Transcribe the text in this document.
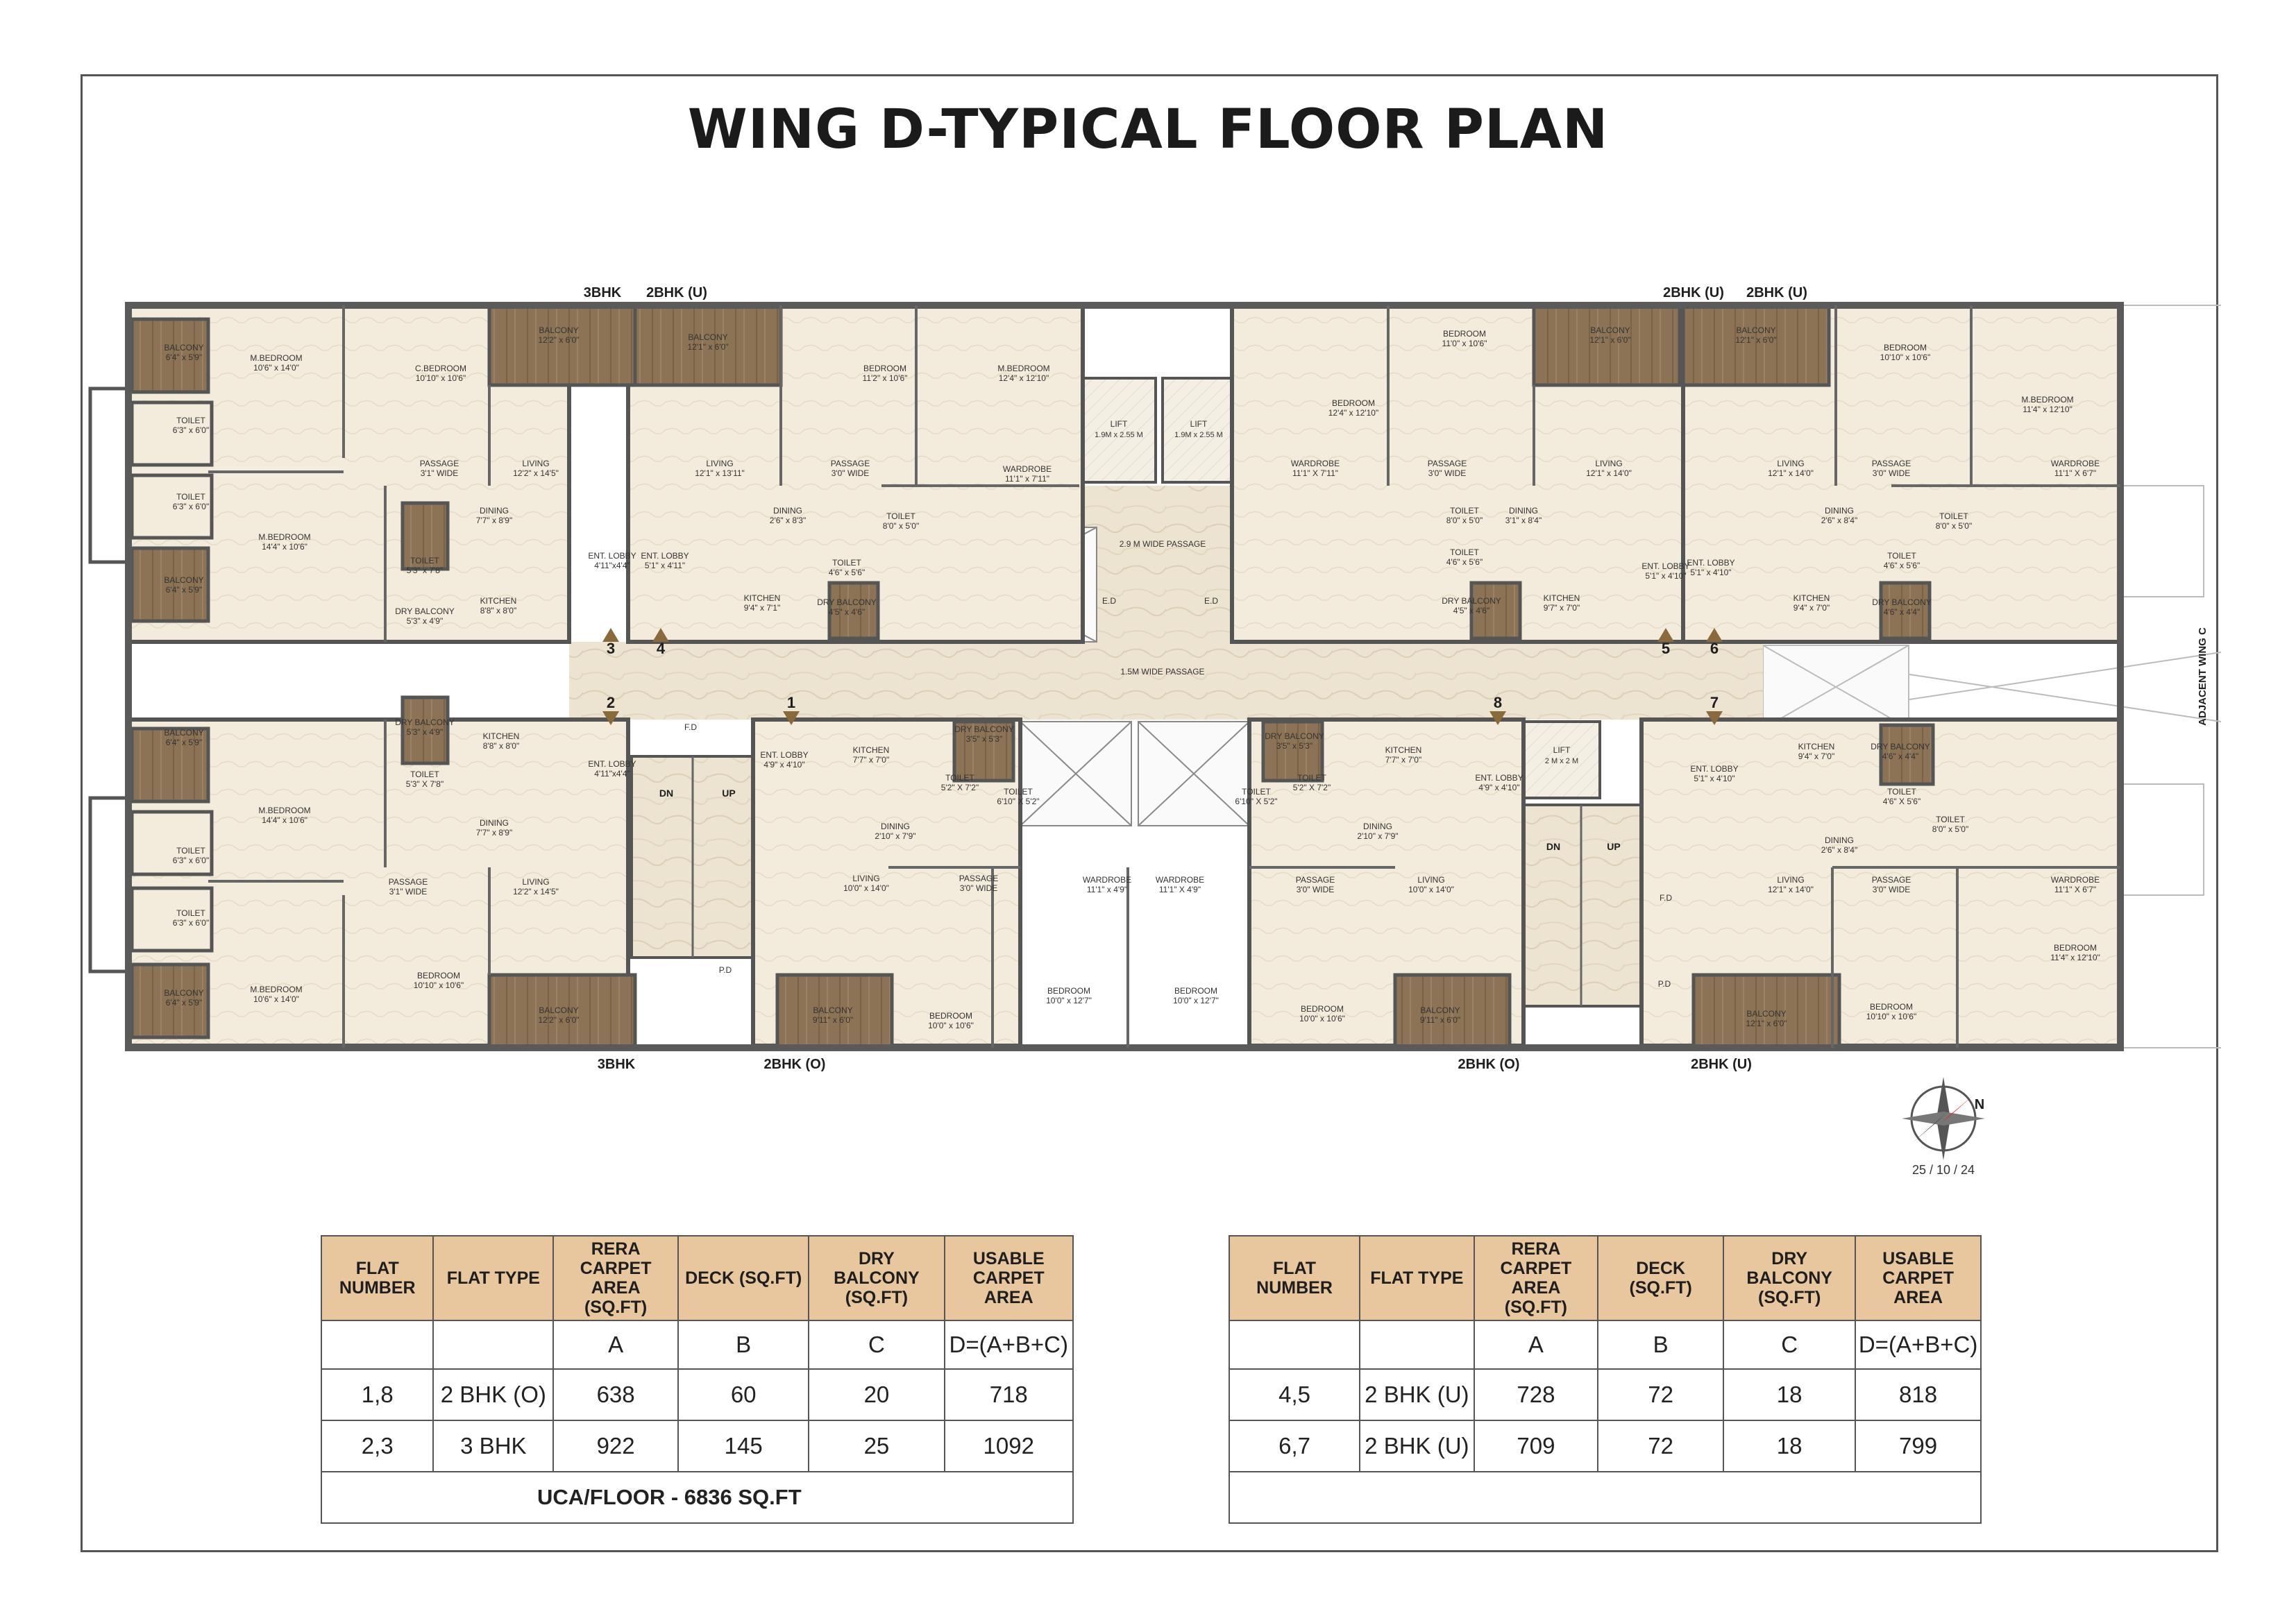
WING D-TYPICAL FLOOR PLAN
BALCONY
6'4" x 5'9"	M.BEDROOM
10'6" x 14'0"	C.BEDROOM
10'10" x 10'6"
BALCONY
12'2" x 6'0"
TOILET
6'3" x 6'0"
PASSAGE
3'1" WIDE
LIVING
12'2" x 14'5"
TOILET
6'3" x 6'0"	DINING
7'7" x 8'9"
M.BEDROOM
14'4" x 10'6"
TOILET
5'3" x 7'8"
BALCONY
6'4" x 5'9"
ENT. LOBBY
4'11"x4'4"
DRY BALCONY
5'3" x 4'9"
KITCHEN
8'8" x 8'0"
BALCONY
12'1" x 6'0"
BEDROOM
11'2" x 10'6"
M.BEDROOM
12'4" x 12'10"
LIVING
12'1" x 13'11"
PASSAGE
3'0" WIDE	WARDROBE
11'1" x 7'11"
DINING
2'6" x 8'3"	TOILET
8'0" x 5'0"
TOILET
4'6" x 5'6"
ENT. LOBBY
5'1" x 4'11"
KITCHEN
9'4" x 7'1"
DRY BALCONY
4'5" x 4'6"
BEDROOM
11'0" x 10'6"
BALCONY
12'1" x 6'0"
BEDROOM
12'4" x 12'10"
WARDROBE
11'1" X 7'11"
PASSAGE
3'0" WIDE
LIVING
12'1" x 14'0"
TOILET
8'0" x 5'0"
DINING
3'1" x 8'4"
TOILET
4'6" x 5'6"
DRY BALCONY
4'5" x 4'6"
KITCHEN
9'7" x 7'0"
ENT. LOBBY
5'1" x 4'10"
BALCONY
12'1" x 6'0"
BEDROOM
10'10" x 10'6"
M.BEDROOM
11'4" x 12'10"
LIVING
12'1" x 14'0"
PASSAGE
3'0" WIDE
WARDROBE
11'1" X 6'7"
DINING
2'6" x 8'4"	TOILET
8'0" x 5'0"
TOILET
4'6" x 5'6"
ENT. LOBBY
5'1" x 4'10"
KITCHEN
9'4" x 7'0"
DRY BALCONY
4'6" x 4'4"
DRY BALCONY
5'3" x 4'9"	KITCHEN
8'8" x 8'0"
BALCONY
6'4" x 5'9"
TOILET
5'3" X 7'8"
M.BEDROOM
14'4" x 10'6"
ENT. LOBBY
4'11"x4'4"
DINING
7'7" x 8'9"
TOILET
6'3" x 6'0"
PASSAGE
3'1" WIDE
LIVING
12'2" x 14'5"
TOILET
6'3" x 6'0"
BEDROOM
10'10" x 10'6"
BALCONY
6'4" x 5'9"
M.BEDROOM
10'6" x 14'0"
BALCONY
12'2" x 6'0"
ENT. LOBBY
4'9" x 4'10"
KITCHEN
7'7" x 7'0"
DRY BALCONY
3'5" x 5'3"
TOILET
5'2" X 7'2"	TOILET
6'10" X 5'2"
DINING
2'10" x 7'9"
LIVING
10'0" x 14'0"
PASSAGE
3'0" WIDE
WARDROBE
11'1" x 4'9"
BEDROOM
10'0" x 12'7"
BEDROOM
10'0" x 10'6"
BALCONY
9'11" x 6'0"
DRY BALCONY
3'5" x 5'3"	KITCHEN
7'7" x 7'0"
TOILET
5'2" X 7'2"
ENT. LOBBY
4'9" x 4'10"
TOILET
6'10" X 5'2"
DINING
2'10" x 7'9"
WARDROBE
11'1" X 4'9"
PASSAGE
3'0" WIDE
LIVING
10'0" x 14'0"
BEDROOM
10'0" x 12'7"
BEDROOM
10'0" x 10'6"
BALCONY
9'11" x 6'0"
ENT. LOBBY
5'1" x 4'10"
KITCHEN
9'4" x 7'0"
DRY BALCONY
4'6" x 4'4"
TOILET
4'6" X 5'6"
DINING
2'6" x 8'4"
TOILET
8'0" x 5'0"
LIVING
12'1" x 14'0"
PASSAGE
3'0" WIDE
WARDROBE
11'1" X 6'7"
BEDROOM
11'4" x 12'10"
BEDROOM
10'10" x 10'6"
BALCONY
12'1" x 6'0"
3BHK 2BHK (U)	2BHK (U) 2BHK (U)
3BHK	2BHK (O)	2BHK (O)	2BHK (U)
1
2
3	4	5	6
7
8
LIFT
1.9M x 2.55 M
LIFT
1.9M x 2.55 M
2.9 M WIDE PASSAGE
1.5M WIDE PASSAGE
LIFT
2 M x 2 M
DN	UP
DN	UP
F.D
F.D
P.D
P.D
E.D	E.D
N
25 / 10 / 24
ADJACENT WING C
FLAT NUMBER	FLAT TYPE	RERA CARPET AREA (SQ.FT)	DECK (SQ.FT)	DRY BALCONY (SQ.FT)	USABLE CARPET AREA
		A	B	C	D=(A+B+C)
1,8	2 BHK (O)	638	60	20	718
2,3	3 BHK	922	145	25	1092
UCA/FLOOR - 6836 SQ.FT					
FLAT NUMBER	FLAT TYPE	RERA CARPET AREA (SQ.FT)	DECK (SQ.FT)	DRY BALCONY (SQ.FT)	USABLE CARPET AREA
		A	B	C	D=(A+B+C)
4,5	2 BHK (U)	728	72	18	818
6,7	2 BHK (U)	709	72	18	799
